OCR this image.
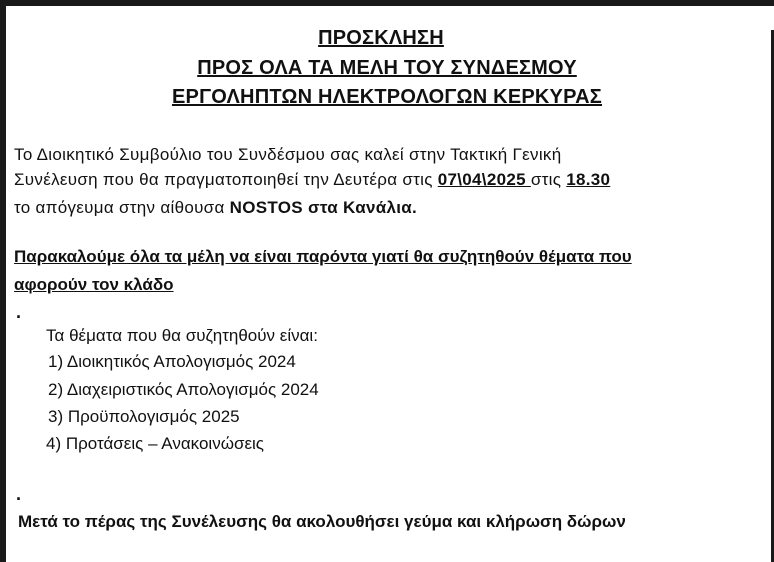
ΠΡΟΣΚΛΗΣΗ
ΠΡΟΣ ΟΛΑ ΤΑ ΜΕΛΗ ΤΟΥ ΣΥΝΔΕΣΜΟΥ
ΕΡΓΟΛΗΠΤΩΝ ΗΛΕΚΤΡΟΛΟΓΩΝ ΚΕΡΚΥΡΑΣ
Το Διοικητικό Συμβούλιο του Συνδέσμου σας καλεί στην Τακτική Γενική
Συνέλευση που θα πραγματοποιηθεί την Δευτέρα στις 07\04\2025 στις 18.30
το απόγευμα στην αίθουσα NOSTOS στα Κανάλια.
Παρακαλούμε όλα τα μέλη να είναι παρόντα γιατί θα συζητηθούν θέματα που
αφορούν τον κλάδο
.
Τα θέματα που θα συζητηθούν είναι:
1) Διοικητικός Απολογισμός 2024
2) Διαχειριστικός Απολογισμός 2024
3) Προϋπολογισμός 2025
4) Προτάσεις – Ανακοινώσεις
.
Μετά το πέρας της Συνέλευσης θα ακολουθήσει γεύμα και κλήρωση δώρων
